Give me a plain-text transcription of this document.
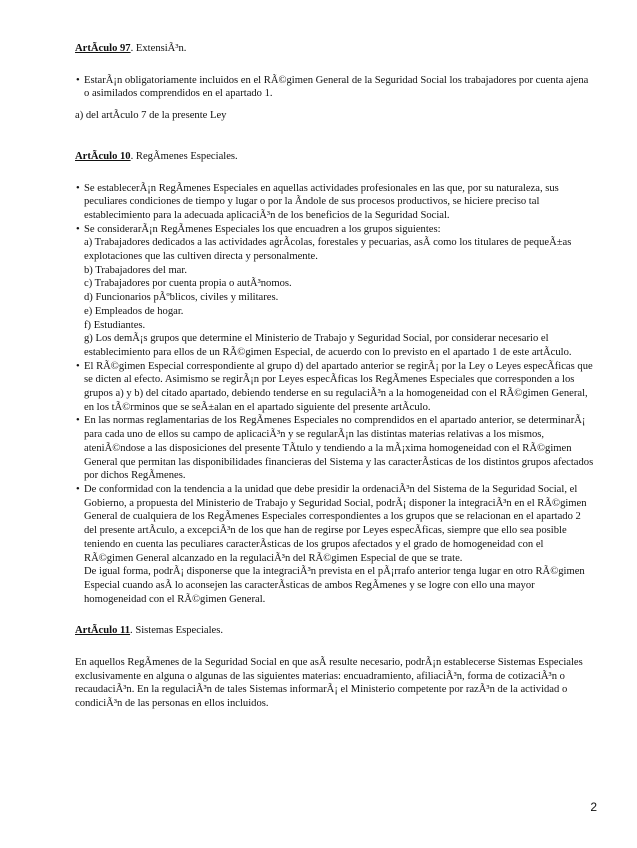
ArtÃculo 97. ExtensiÃ³n.

• EstarÃ¡n obligatoriamente incluidos en el RÃ©gimen General de la Seguridad Social los trabajadores por cuenta ajena o asimilados comprendidos en el apartado 1.

a) del artÃculo 7 de la presente Ley

ArtÃculo 10. RegÃmenes Especiales.

• Se establecerÃ¡n RegÃmenes Especiales en aquellas actividades profesionales en las que, por su naturaleza, sus peculiares condiciones de tiempo y lugar o por la Ãndole de sus procesos productivos, se hiciere preciso tal establecimiento para la adecuada aplicaciÃ³n de los beneficios de la Seguridad Social.
• Se considerarÃ¡n RegÃmenes Especiales los que encuadren a los grupos siguientes:
a) Trabajadores dedicados a las actividades agrÃcolas, forestales y pecuarias, asÃ como los titulares de pequeÃ±as explotaciones que las cultiven directa y personalmente.
b) Trabajadores del mar.
c) Trabajadores por cuenta propia o autÃ³nomos.
d) Funcionarios pÃºblicos, civiles y militares.
e) Empleados de hogar.
f) Estudiantes.
g) Los demÃ¡s grupos que determine el Ministerio de Trabajo y Seguridad Social, por considerar necesario el establecimiento para ellos de un RÃ©gimen Especial, de acuerdo con lo previsto en el apartado 1 de este artÃculo.
• El RÃ©gimen Especial correspondiente al grupo d) del apartado anterior se regirÃ¡ por la Ley o Leyes especÃficas que se dicten al efecto. Asimismo se regirÃ¡n por Leyes especÃficas los RegÃmenes Especiales que corresponden a los grupos a) y b) del citado apartado, debiendo tenderse en su regulaciÃ³n a la homogeneidad con el RÃ©gimen General, en los tÃ©rminos que se seÃ±alan en el apartado siguiente del presente artÃculo.
• En las normas reglamentarias de los RegÃmenes Especiales no comprendidos en el apartado anterior, se determinarÃ¡ para cada uno de ellos su campo de aplicaciÃ³n y se regularÃ¡n las distintas materias relativas a los mismos, ateniÃ©ndose a las disposiciones del presente TÃtulo y tendiendo a la mÃ¡xima homogeneidad con el RÃ©gimen General que permitan las disponibilidades financieras del Sistema y las caracterÃsticas de los distintos grupos afectados por dichos RegÃmenes.
• De conformidad con la tendencia a la unidad que debe presidir la ordenaciÃ³n del Sistema de la Seguridad Social, el Gobierno, a propuesta del Ministerio de Trabajo y Seguridad Social, podrÃ¡ disponer la integraciÃ³n en el RÃ©gimen General de cualquiera de los RegÃmenes Especiales correspondientes a los grupos que se relacionan en el apartado 2 del presente artÃculo, a excepciÃ³n de los que han de regirse por Leyes especÃficas, siempre que ello sea posible teniendo en cuenta las peculiares caracterÃsticas de los grupos afectados y el grado de homogeneidad con el RÃ©gimen General alcanzado en la regulaciÃ³n del RÃ©gimen Especial de que se trate.
De igual forma, podrÃ¡ disponerse que la integraciÃ³n prevista en el pÃ¡rrafo anterior tenga lugar en otro RÃ©gimen Especial cuando asÃ lo aconsejen las caracterÃsticas de ambos RegÃmenes y se logre con ello una mayor homogeneidad con el RÃ©gimen General.

ArtÃculo 11. Sistemas Especiales.

En aquellos RegÃmenes de la Seguridad Social en que asÃ resulte necesario, podrÃ¡n establecerse Sistemas Especiales exclusivamente en alguna o algunas de las siguientes materias: encuadramiento, afiliaciÃ³n, forma de cotizaciÃ³n o recaudaciÃ³n. En la regulaciÃ³n de tales Sistemas informarÃ¡ el Ministerio competente por razÃ³n de la actividad o condiciÃ³n de las personas en ellos incluidos.

2
